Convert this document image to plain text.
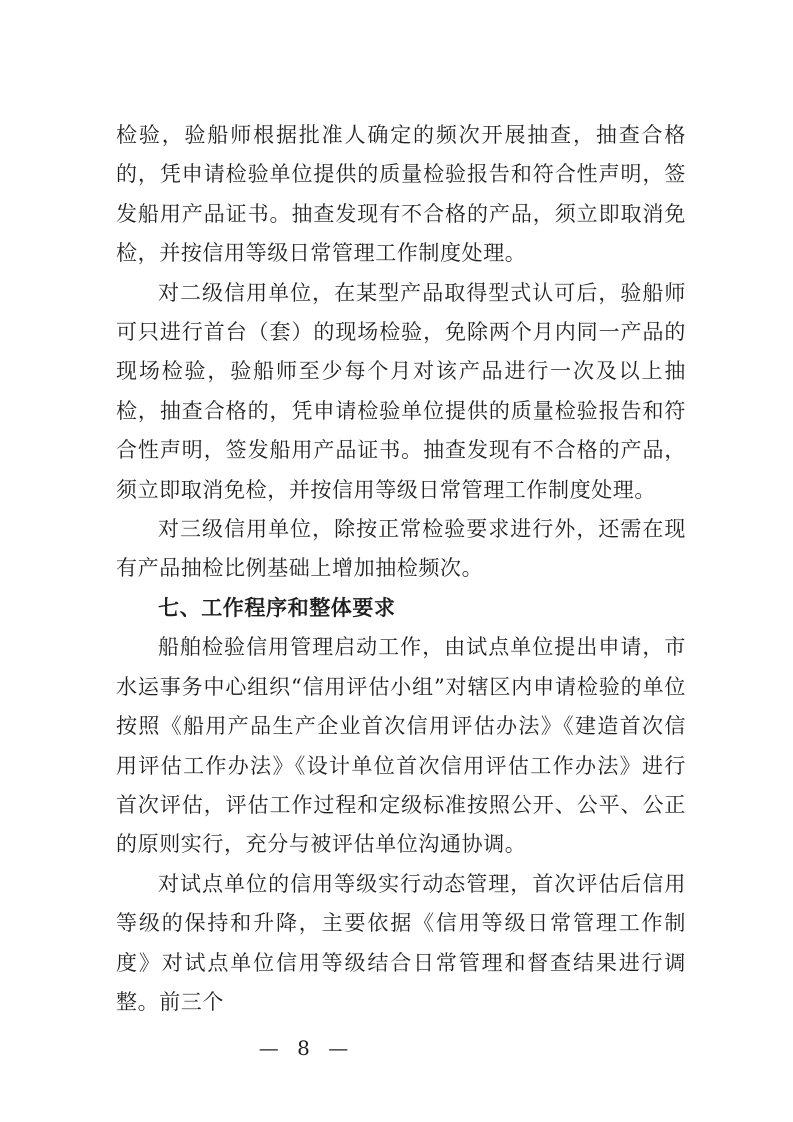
检验，验船师根据批准人确定的频次开展抽查，抽查合格的，凭申请检验单位提供的质量检验报告和符合性声明，签发船用产品证书。抽查发现有不合格的产品，须立即取消免检，并按信用等级日常管理工作制度处理。

对二级信用单位，在某型产品取得型式认可后，验船师可只进行首台（套）的现场检验，免除两个月内同一产品的现场检验，验船师至少每个月对该产品进行一次及以上抽检，抽查合格的，凭申请检验单位提供的质量检验报告和符合性声明，签发船用产品证书。抽查发现有不合格的产品，须立即取消免检，并按信用等级日常管理工作制度处理。

对三级信用单位，除按正常检验要求进行外，还需在现有产品抽检比例基础上增加抽检频次。

七、工作程序和整体要求

船舶检验信用管理启动工作，由试点单位提出申请，市水运事务中心组织“信用评估小组”对辖区内申请检验的单位按照《船用产品生产企业首次信用评估办法》《建造首次信用评估工作办法》《设计单位首次信用评估工作办法》进行首次评估，评估工作过程和定级标准按照公开、公平、公正的原则实行，充分与被评估单位沟通协调。

对试点单位的信用等级实行动态管理，首次评估后信用等级的保持和升降，主要依据《信用等级日常管理工作制度》对试点单位信用等级结合日常管理和督查结果进行调整。前三个

— 8 —
